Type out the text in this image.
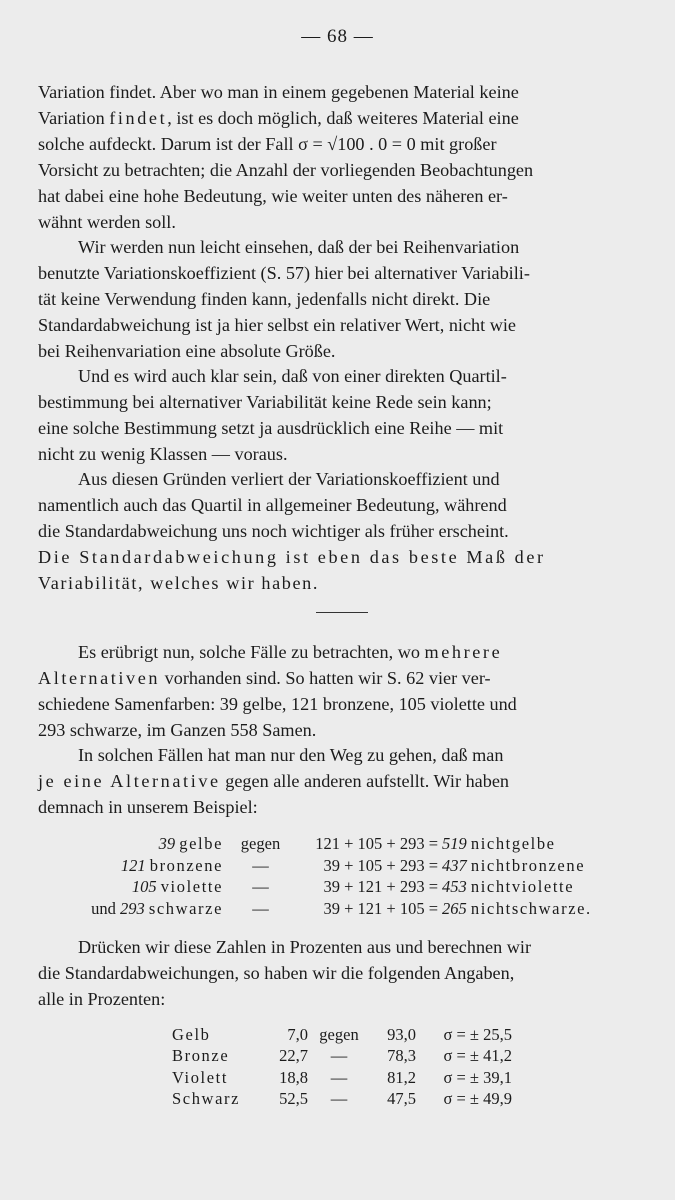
— 68 —

Variation findet. Aber wo man in einem gegebenen Material keine

Variation findet, ist es doch möglich, daß weiteres Material eine

solche aufdeckt. Darum ist der Fall σ = √100 . 0 = 0 mit großer

Vorsicht zu betrachten; die Anzahl der vorliegenden Beobachtungen

hat dabei eine hohe Bedeutung, wie weiter unten des näheren er-

wähnt werden soll.

Wir werden nun leicht einsehen, daß der bei Reihenvariation

benutzte Variationskoeffizient (S. 57) hier bei alternativer Variabili-

tät keine Verwendung finden kann, jedenfalls nicht direkt. Die

Standardabweichung ist ja hier selbst ein relativer Wert, nicht wie

bei Reihenvariation eine absolute Größe.

Und es wird auch klar sein, daß von einer direkten Quartil-

bestimmung bei alternativer Variabilität keine Rede sein kann;

eine solche Bestimmung setzt ja ausdrücklich eine Reihe — mit

nicht zu wenig Klassen — voraus.

Aus diesen Gründen verliert der Variationskoeffizient und

namentlich auch das Quartil in allgemeiner Bedeutung, während

die Standardabweichung uns noch wichtiger als früher erscheint.

Die Standardabweichung ist eben das beste Maß der

Variabilität, welches wir haben.

Es erübrigt nun, solche Fälle zu betrachten, wo mehrere

Alternativen vorhanden sind. So hatten wir S. 62 vier ver-

schiedene Samenfarben: 39 gelbe, 121 bronzene, 105 violette und

293 schwarze, im Ganzen 558 Samen.

In solchen Fällen hat man nur den Weg zu gehen, daß man

je eine Alternative gegen alle anderen aufstellt. Wir haben

demnach in unserem Beispiel:

39 gelbe	gegen	121 + 105 + 293 =	519 nichtgelbe
121 bronzene	—	39 + 105 + 293 =	437 nichtbronzene
105 violette	—	39 + 121 + 293 =	453 nichtviolette
und 293 schwarze	—	39 + 121 + 105 =	265 nichtschwarze.

Drücken wir diese Zahlen in Prozenten aus und berechnen wir

die Standardabweichungen, so haben wir die folgenden Angaben,

alle in Prozenten:

Gelb	7,0	gegen	93,0	σ = ± 25,5
Bronze	22,7	—	78,3	σ = ± 41,2
Violett	18,8	—	81,2	σ = ± 39,1
Schwarz	52,5	—	47,5	σ = ± 49,9
